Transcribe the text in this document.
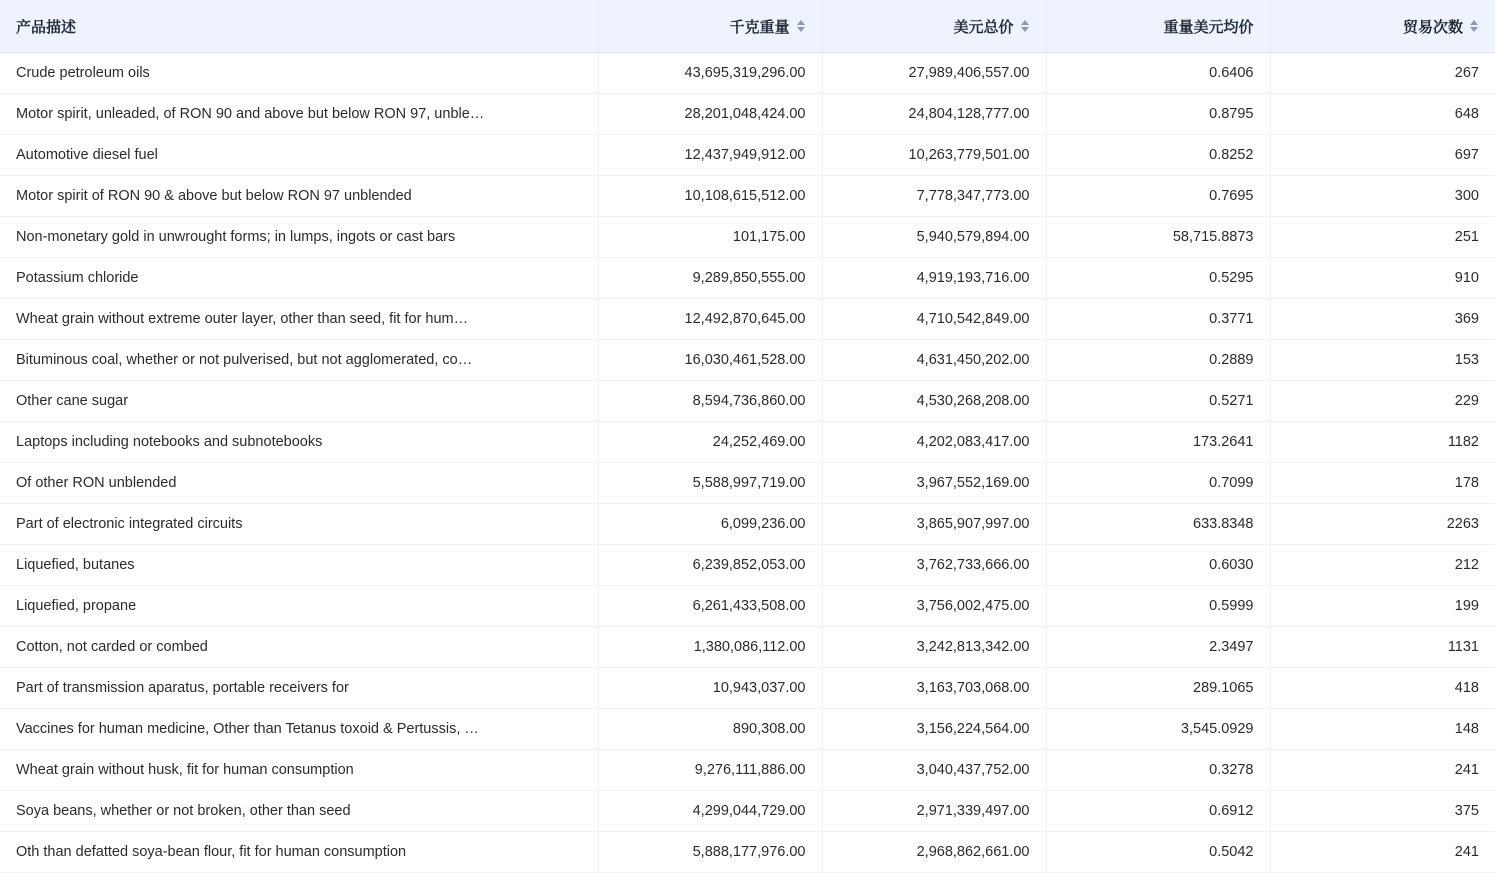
产品描述	千克重量	美元总价	重量美元均价	贸易次数

Crude petroleum oils	43,695,319,296.00	27,989,406,557.00	0.6406	267
Motor spirit, unleaded, of RON 90 and above but below RON 97, unble…	28,201,048,424.00	24,804,128,777.00	0.8795	648
Automotive diesel fuel	12,437,949,912.00	10,263,779,501.00	0.8252	697
Motor spirit of RON 90 & above but below RON 97 unblended	10,108,615,512.00	7,778,347,773.00	0.7695	300
Non-monetary gold in unwrought forms; in lumps, ingots or cast bars	101,175.00	5,940,579,894.00	58,715.8873	251
Potassium chloride	9,289,850,555.00	4,919,193,716.00	0.5295	910
Wheat grain without extreme outer layer, other than seed, fit for hum…	12,492,870,645.00	4,710,542,849.00	0.3771	369
Bituminous coal, whether or not pulverised, but not agglomerated, co…	16,030,461,528.00	4,631,450,202.00	0.2889	153
Other cane sugar	8,594,736,860.00	4,530,268,208.00	0.5271	229
Laptops including notebooks and subnotebooks	24,252,469.00	4,202,083,417.00	173.2641	1182
Of other RON unblended	5,588,997,719.00	3,967,552,169.00	0.7099	178
Part of electronic integrated circuits	6,099,236.00	3,865,907,997.00	633.8348	2263
Liquefied, butanes	6,239,852,053.00	3,762,733,666.00	0.6030	212
Liquefied, propane	6,261,433,508.00	3,756,002,475.00	0.5999	199
Cotton, not carded or combed	1,380,086,112.00	3,242,813,342.00	2.3497	1131
Part of transmission aparatus, portable receivers for	10,943,037.00	3,163,703,068.00	289.1065	418
Vaccines for human medicine, Other than Tetanus toxoid & Pertussis, …	890,308.00	3,156,224,564.00	3,545.0929	148
Wheat grain without husk, fit for human consumption	9,276,111,886.00	3,040,437,752.00	0.3278	241
Soya beans, whether or not broken, other than seed	4,299,044,729.00	2,971,339,497.00	0.6912	375
Oth than defatted soya-bean flour, fit for human consumption	5,888,177,976.00	2,968,862,661.00	0.5042	241
